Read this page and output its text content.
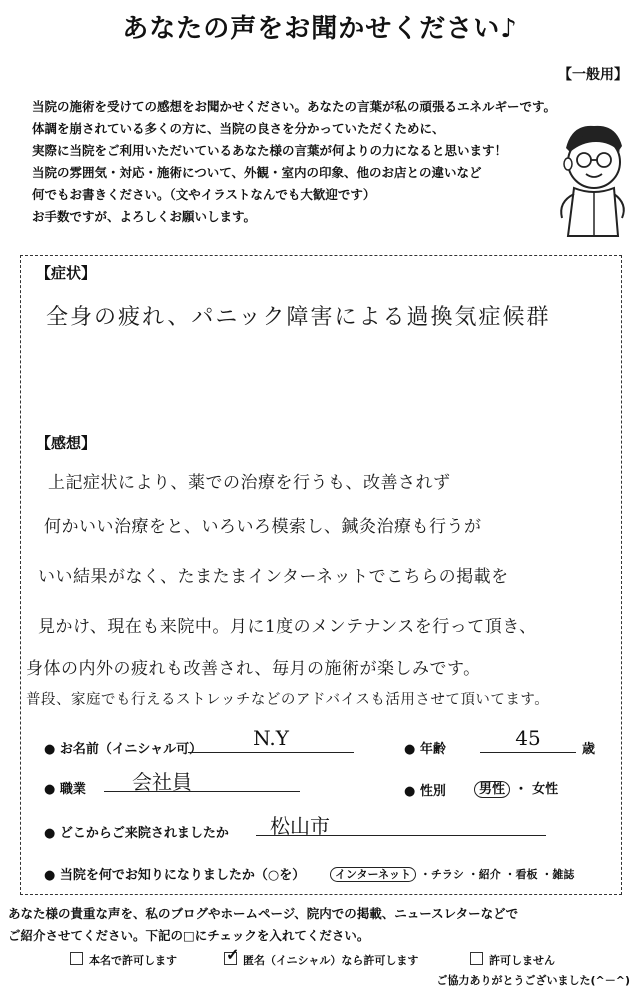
あなたの声をお聞かせください♪
【一般用】
当院の施術を受けての感想をお聞かせください。あなたの言葉が私の頑張るエネルギーです。
体調を崩されている多くの方に、当院の良さを分かっていただくために、
実際に当院をご利用いただいているあなた様の言葉が何よりの力になると思います！
当院の雰囲気・対応・施術について、外観・室内の印象、他のお店との違いなど
何でもお書きください。（文やイラストなんでも大歓迎です）
お手数ですが、よろしくお願いします。
【症状】
全身の疲れ、パニック障害による過換気症候群
【感想】
上記症状により、薬での治療を行うも、改善されず
何かいい治療をと、いろいろ模索し、鍼灸治療も行うが
いい結果がなく、たまたまインターネットでこちらの掲載を
見かけ、現在も来院中。月に1度のメンテナンスを行って頂き、
身体の内外の疲れも改善され、毎月の施術が楽しみです。
普段、家庭でも行えるストレッチなどのアドバイスも活用させて頂いてます。
● お名前（イニシャル可）	N.Y	● 年齢	45	歳
● 職業	会社員	● 性別	男性 ・ 女性
● どこからご来院されましたか	松山市
● 当院を何でお知りになりましたか（○を）	インターネット ・チラシ ・紹介 ・看板 ・雑誌
あなた様の貴重な声を、私のブログやホームページ、院内での掲載、ニュースレターなどで
ご紹介させてください。下記の□にチェックを入れてください。
本名で許可します	✓ 匿名（イニシャル）なら許可します	許可しません
ご協力ありがとうございました(^－^)
